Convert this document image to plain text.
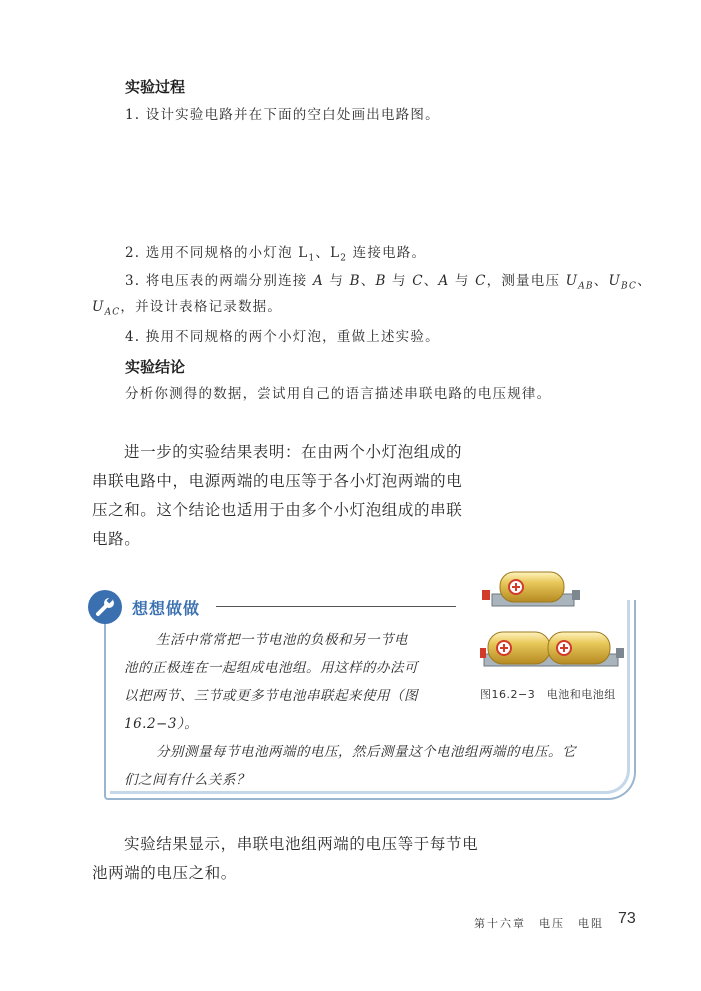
实验过程
1. 设计实验电路并在下面的空白处画出电路图。
2. 选用不同规格的小灯泡 $L_1$、$L_2$ 连接电路。
3. 将电压表的两端分别连接 A 与 B、B 与 C、A 与 C，测量电压 $U_{AB}$、$U_{BC}$、
$U_{AC}$，并设计表格记录数据。
4. 换用不同规格的两个小灯泡，重做上述实验。
实验结论
分析你测得的数据，尝试用自己的语言描述串联电路的电压规律。
进一步的实验结果表明：在由两个小灯泡组成的
串联电路中，电源两端的电压等于各小灯泡两端的电
压之和。这个结论也适用于由多个小灯泡组成的串联
电路。
想想做做
生活中常常把一节电池的负极和另一节电
池的正极连在一起组成电池组。用这样的办法可
以把两节、三节或更多节电池串联起来使用（图
16.2−3）。
分别测量每节电池两端的电压，然后测量这个电池组两端的电压。它
们之间有什么关系？
图16.2−3　电池和电池组
实验结果显示，串联电池组两端的电压等于每节电
池两端的电压之和。
第十六章　电压　电阻 73
